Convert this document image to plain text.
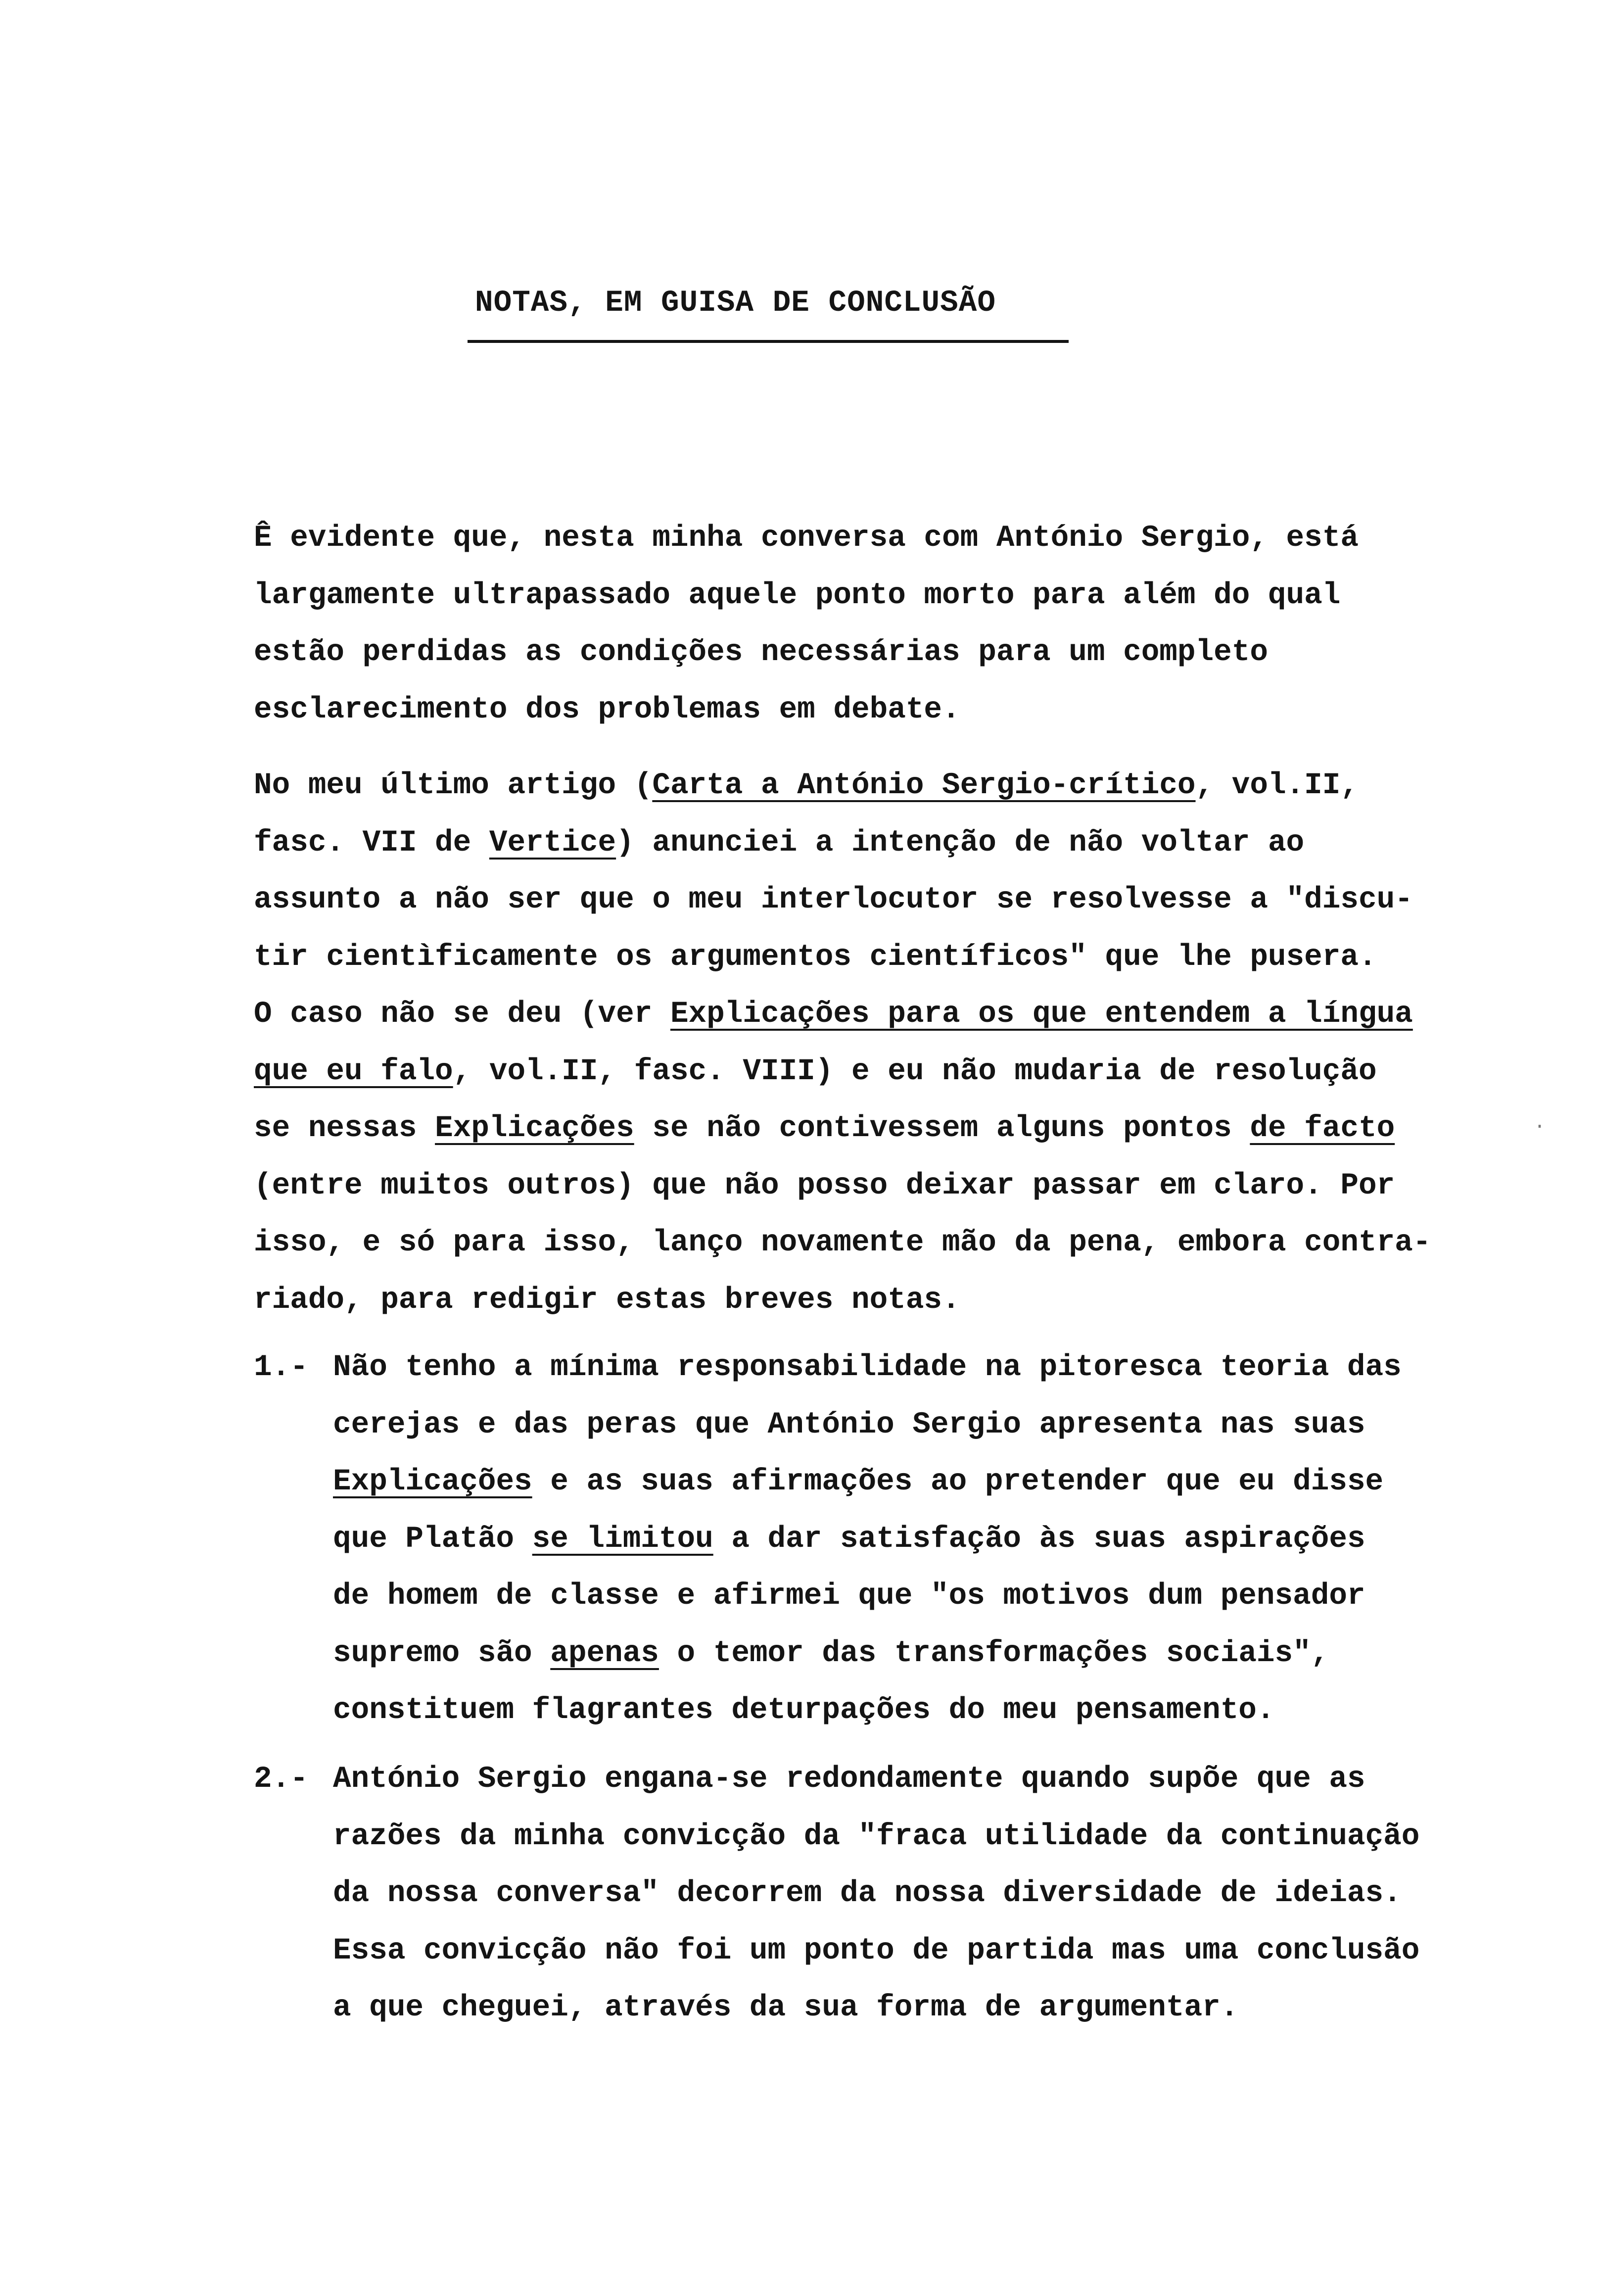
NOTAS, EM GUISA DE CONCLUSÃO

Ê evidente que, nesta minha conversa com António Sergio, está
largamente ultrapassado aquele ponto morto para além do qual
estão perdidas as condições necessárias para um completo
esclarecimento dos problemas em debate.

No meu último artigo (Carta a António Sergio-crítico, vol.II,
fasc. VII de Vertice) anunciei a intenção de não voltar ao
assunto a não ser que o meu interlocutor se resolvesse a "discu-
tir cientìficamente os argumentos científicos" que lhe pusera.
O caso não se deu (ver Explicações para os que entendem a língua
que eu falo, vol.II, fasc. VIII) e eu não mudaria de resolução
se nessas Explicações se não contivessem alguns pontos de facto
(entre muitos outros) que não posso deixar passar em claro. Por
isso, e só para isso, lanço novamente mão da pena, embora contra-
riado, para redigir estas breves notas.

1.- Não tenho a mínima responsabilidade na pitoresca teoria das
cerejas e das peras que António Sergio apresenta nas suas
Explicações e as suas afirmações ao pretender que eu disse
que Platão se limitou a dar satisfação às suas aspirações
de homem de classe e afirmei que "os motivos dum pensador
supremo são apenas o temor das transformações sociais",
constituem flagrantes deturpações do meu pensamento.

2.- António Sergio engana-se redondamente quando supõe que as
razões da minha convicção da "fraca utilidade da continuação
da nossa conversa" decorrem da nossa diversidade de ideias.
Essa convicção não foi um ponto de partida mas uma conclusão
a que cheguei, através da sua forma de argumentar.

·
